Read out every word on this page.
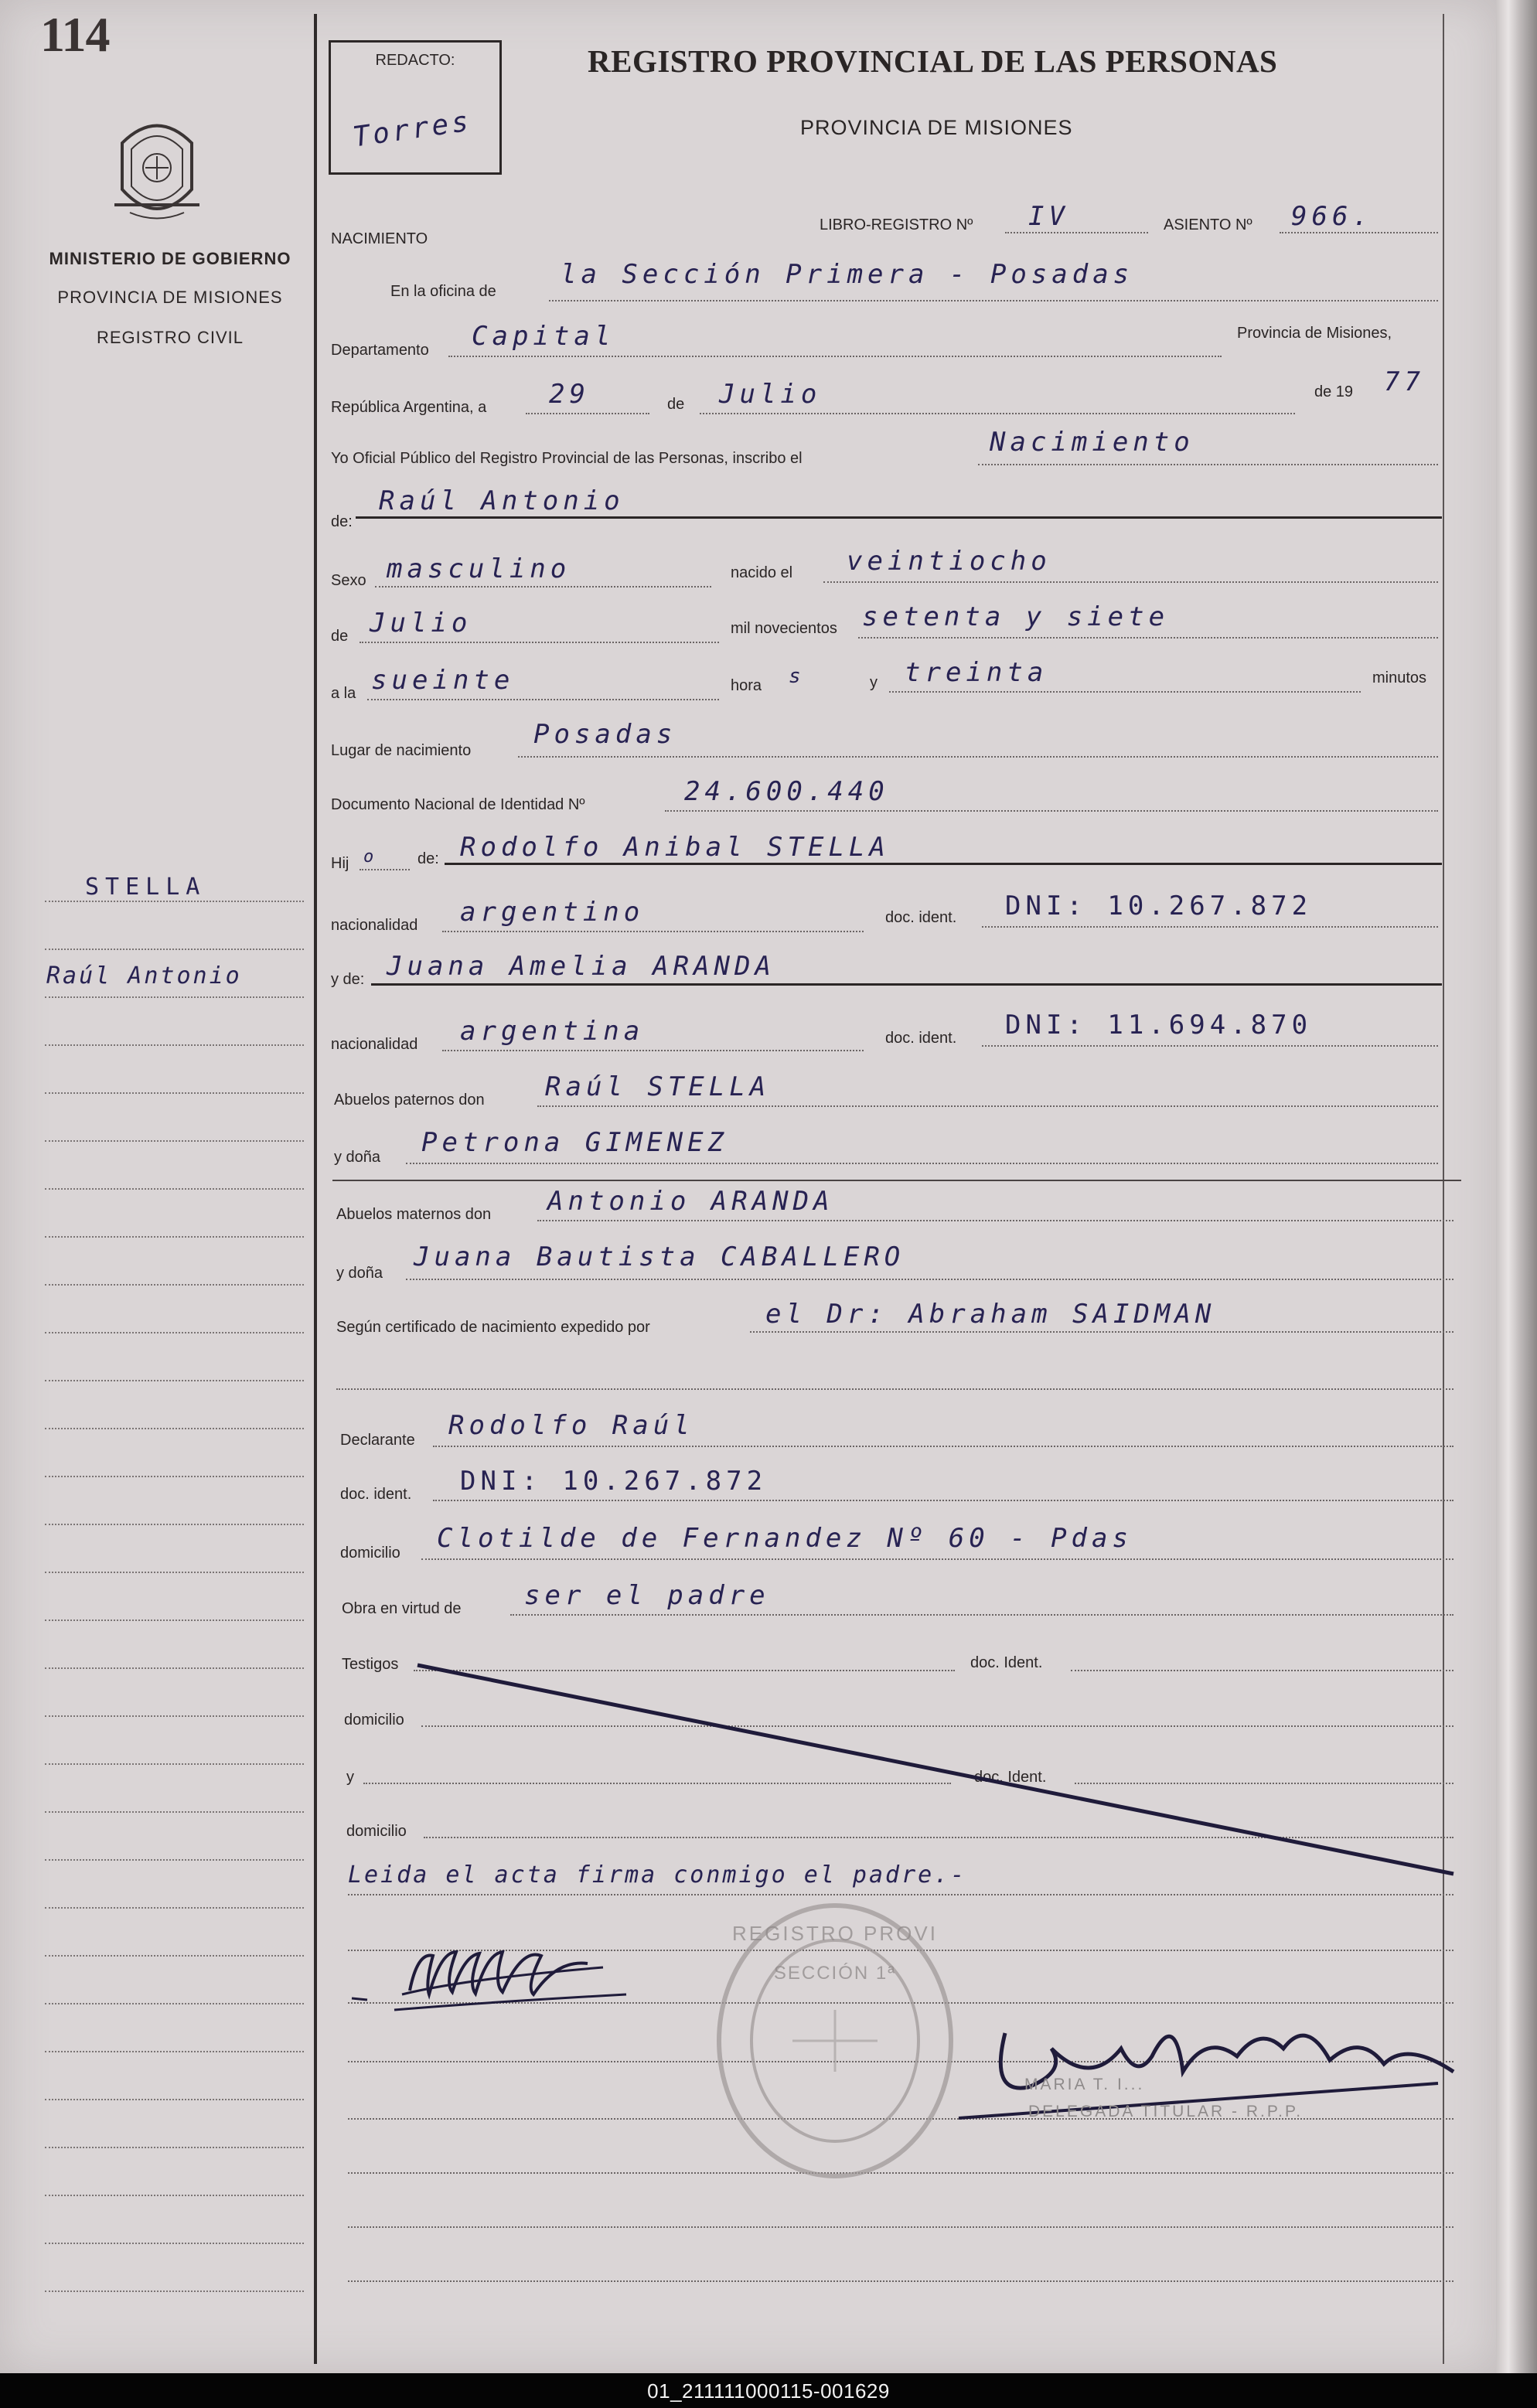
114
MINISTERIO DE GOBIERNO
PROVINCIA DE MISIONES
REGISTRO CIVIL
STELLA
Raúl Antonio
REDACTO:
Torres
REGISTRO PROVINCIAL DE LAS PERSONAS
PROVINCIA DE MISIONES
NACIMIENTO
LIBRO-REGISTRO Nº IV	ASIENTO Nº 966.
En la oficina de
la Sección Primera - Posadas
Departamento Capital	Provincia de Misiones,
República Argentina, a 29	de Julio	de 19 77
Yo Oficial Público del Registro Provincial de las Personas, inscribo el
Nacimiento
de:
Raúl Antonio
Sexo masculino	nacido el veintiocho
de Julio	mil novecientos setenta y siete
a la sueinte	hora s	y treinta	minutos
Lugar de nacimiento
Posadas
Documento Nacional de Identidad Nº	24.600.440
Hij o	de: Rodolfo Anibal STELLA
nacionalidad argentino	doc. ident. DNI: 10.267.872
y de: Juana Amelia ARANDA
nacionalidad argentina	doc. ident. DNI: 11.694.870
Abuelos paternos don Raúl STELLA
y doña Petrona GIMENEZ
Abuelos maternos don Antonio ARANDA
y doña
Juana Bautista CABALLERO
Según certificado de nacimiento expedido por	el Dr: Abraham SAIDMAN
Declarante Rodolfo Raúl
doc. ident. DNI: 10.267.872
domicilio Clotilde de Fernandez Nº 60 - Pdas
Obra en virtud de ser el padre
Testigos	doc. Ident.
domicilio
y	doc. Ident.
domicilio
Leida el acta firma conmigo el padre.-
REGISTRO PROVI
SECCIÓN 1ª
MARIA T. I...
DELEGADA TITULAR - R.P.P.
01_211111000115-001629
